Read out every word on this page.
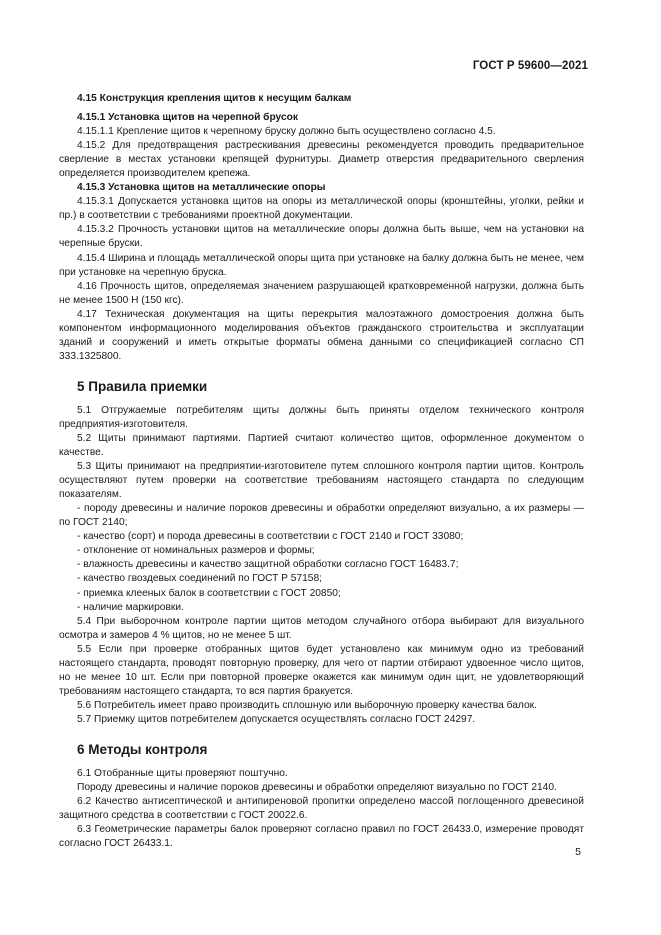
ГОСТ Р 59600—2021

4.15 Конструкция крепления щитов к несущим балкам

4.15.1 Установка щитов на черепной брусок

4.15.1.1 Крепление щитов к черепному бруску должно быть осуществлено согласно 4.5.

4.15.2 Для предотвращения растрескивания древесины рекомендуется проводить предварительное сверление в местах установки крепящей фурнитуры. Диаметр отверстия предварительного сверления определяется производителем крепежа.

4.15.3 Установка щитов на металлические опоры

4.15.3.1 Допускается установка щитов на опоры из металлической опоры (кронштейны, уголки, рейки и пр.) в соответствии с требованиями проектной документации.

4.15.3.2 Прочность установки щитов на металлические опоры должна быть выше, чем на установки на черепные бруски.

4.15.4 Ширина и площадь металлической опоры щита при установке на балку должна быть не менее, чем при установке на черепную бруска.

4.16 Прочность щитов, определяемая значением разрушающей кратковременной нагрузки, должна быть не менее 1500 Н (150 кгс).

4.17 Техническая документация на щиты перекрытия малоэтажного домостроения должна быть компонентом информационного моделирования объектов гражданского строительства и эксплуатации зданий и сооружений и иметь открытые форматы обмена данными со спецификацией согласно СП 333.1325800.

5 Правила приемки

5.1 Отгружаемые потребителям щиты должны быть приняты отделом технического контроля предприятия-изготовителя.

5.2 Щиты принимают партиями. Партией считают количество щитов, оформленное документом о качестве.

5.3 Щиты принимают на предприятии-изготовителе путем сплошного контроля партии щитов. Контроль осуществляют путем проверки на соответствие требованиям настоящего стандарта по следующим показателям.

- породу древесины и наличие пороков древесины и обработки определяют визуально, а их размеры — по ГОСТ 2140;

- качество (сорт) и порода древесины в соответствии с ГОСТ 2140 и ГОСТ 33080;

- отклонение от номинальных размеров и формы;

- влажность древесины и качество защитной обработки согласно ГОСТ 16483.7;

- качество гвоздевых соединений по ГОСТ Р 57158;

- приемка клееных балок в соответствии с ГОСТ 20850;

- наличие маркировки.

5.4 При выборочном контроле партии щитов методом случайного отбора выбирают для визуального осмотра и замеров 4 % щитов, но не менее 5 шт.

5.5 Если при проверке отобранных щитов будет установлено как минимум одно из требований настоящего стандарта, проводят повторную проверку, для чего от партии отбирают удвоенное число щитов, но не менее 10 шт. Если при повторной проверке окажется как минимум один щит, не удовлетворяющий требованиям настоящего стандарта, то вся партия бракуется.

5.6 Потребитель имеет право производить сплошную или выборочную проверку качества балок.

5.7 Приемку щитов потребителем допускается осуществлять согласно ГОСТ 24297.

6 Методы контроля

6.1 Отобранные щиты проверяют поштучно.

Породу древесины и наличие пороков древесины и обработки определяют визуально по ГОСТ 2140.

6.2 Качество антисептической и антипиреновой пропитки определено массой поглощенного древесиной защитного средства в соответствии с ГОСТ 20022.6.

6.3 Геометрические параметры балок проверяют согласно правил по ГОСТ 26433.0, измерение проводят согласно ГОСТ 26433.1.

5
